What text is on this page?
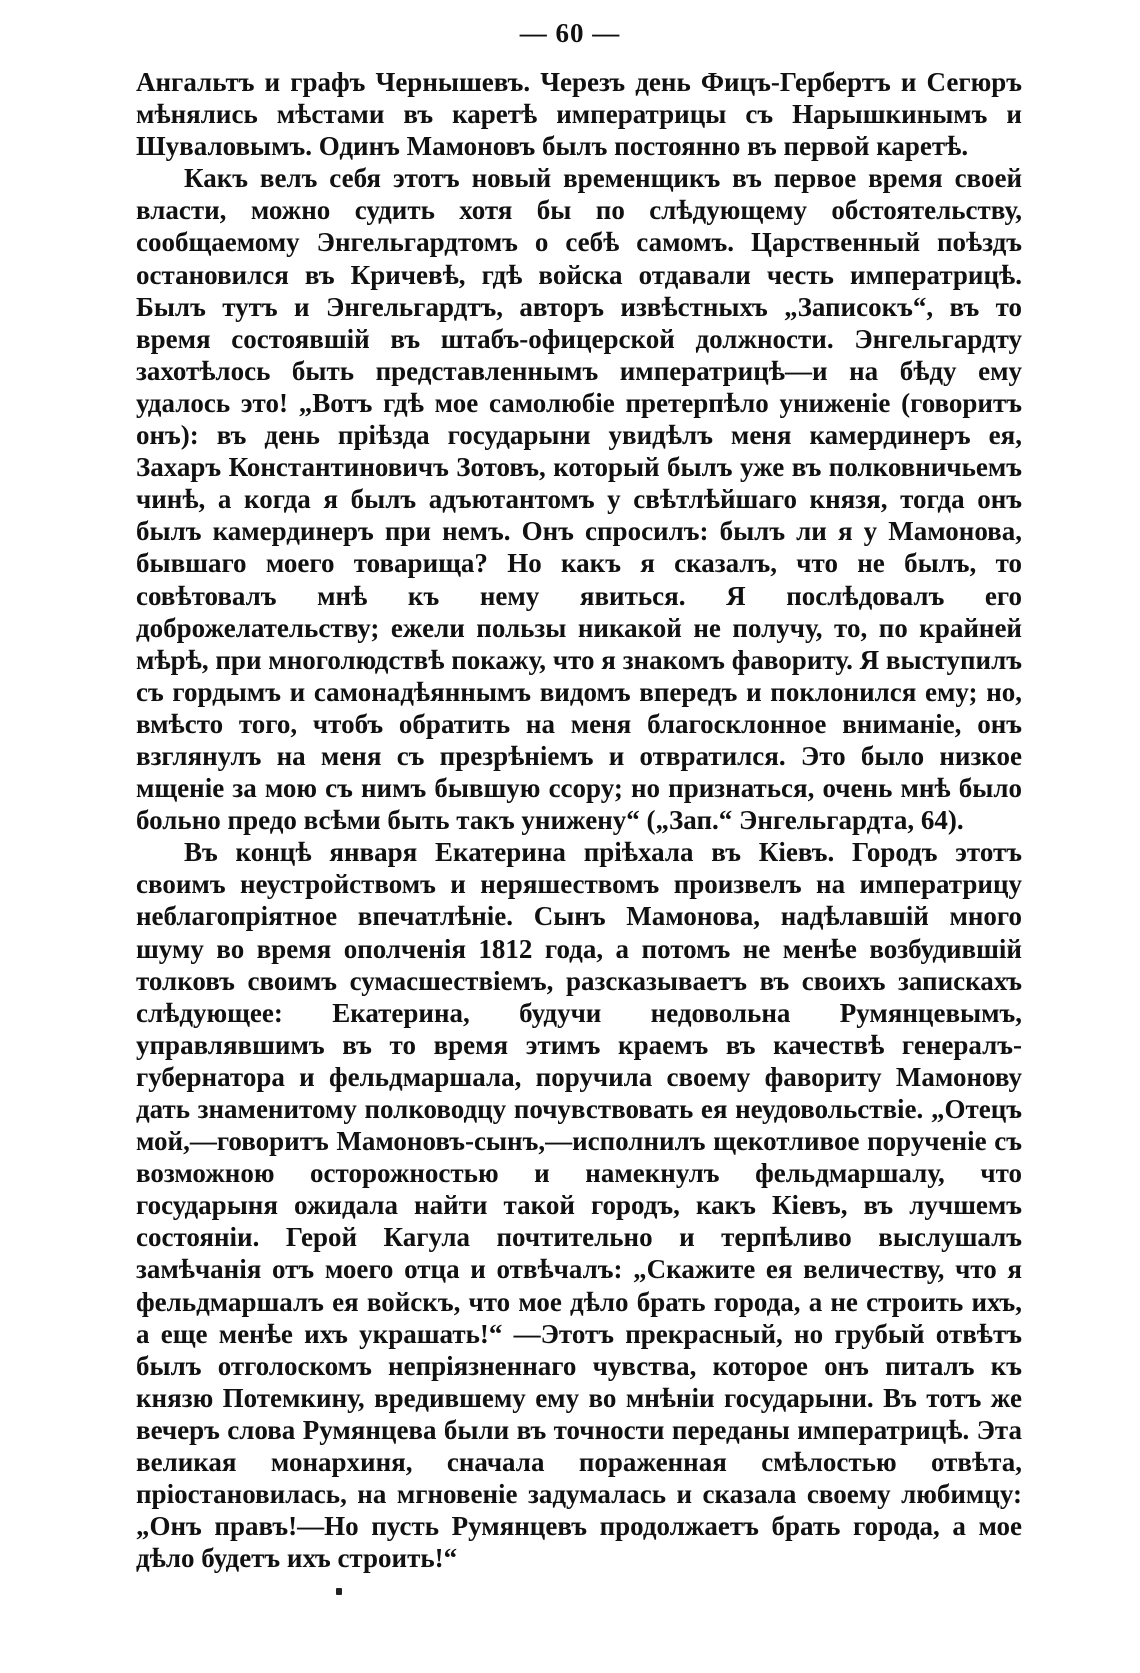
— 60 —

Ангальтъ и графъ Чернышевъ. Черезъ день Фицъ-Гербертъ и Сегюръ мѣнялись мѣстами въ каретѣ императрицы съ Нарышкинымъ и Шуваловымъ. Одинъ Мамоновъ былъ постоянно въ первой каретѣ.

Какъ велъ себя этотъ новый временщикъ въ первое время своей власти, можно судить хотя бы по слѣдующему обстоятельству, сообщаемому Энгельгардтомъ о себѣ самомъ. Царственный поѣздъ остановился въ Кричевѣ, гдѣ войска отдавали честь императрицѣ. Былъ тутъ и Энгельгардтъ, авторъ извѣстныхъ „Записокъ“, въ то время состоявшій въ штабъ-офицерской должности. Энгельгардту захотѣлось быть представленнымъ императрицѣ—и на бѣду ему удалось это! „Вотъ гдѣ мое самолюбіе претерпѣло униженіе (говоритъ онъ): въ день пріѣзда государыни увидѣлъ меня камердинеръ ея, Захаръ Константиновичъ Зотовъ, который былъ уже въ полковничьемъ чинѣ, а когда я былъ адъютантомъ у свѣтлѣйшаго князя, тогда онъ былъ камердинеръ при немъ. Онъ спросилъ: былъ ли я у Мамонова, бывшаго моего товарища? Но какъ я сказалъ, что не былъ, то совѣтовалъ мнѣ къ нему явиться. Я послѣдовалъ его доброжелательству; ежели пользы никакой не получу, то, по крайней мѣрѣ, при многолюдствѣ покажу, что я знакомъ фавориту. Я выступилъ съ гордымъ и самонадѣяннымъ видомъ впередъ и поклонился ему; но, вмѣсто того, чтобъ обратить на меня благосклонное вниманіе, онъ взглянулъ на меня съ презрѣніемъ и отвратился. Это было низкое мщеніе за мою съ нимъ бывшую ссору; но признаться, очень мнѣ было больно предо всѣми быть такъ унижену“ („Зап.“ Энгельгардта, 64).

Въ концѣ января Екатерина пріѣхала въ Кіевъ. Городъ этотъ своимъ неустройствомъ и неряшествомъ произвелъ на императрицу неблагопріятное впечатлѣніе. Сынъ Мамонова, надѣлавшій много шуму во время ополченія 1812 года, а потомъ не менѣе возбудившій толковъ своимъ сумасшествіемъ, разсказываетъ въ своихъ запискахъ слѣдующее: Екатерина, будучи недовольна Румянцевымъ, управлявшимъ въ то время этимъ краемъ въ качествѣ генералъ-губернатора и фельдмаршала, поручила своему фавориту Мамонову дать знаменитому полководцу почувствовать ея неудовольствіе. „Отецъ мой,—говоритъ Мамоновъ-сынъ,—исполнилъ щекотливое порученіе съ возможною осторожностью и намекнулъ фельдмаршалу, что государыня ожидала найти такой городъ, какъ Кіевъ, въ лучшемъ состояніи. Герой Кагула почтительно и терпѣливо выслушалъ замѣчанія отъ моего отца и отвѣчалъ: „Скажите ея величеству, что я фельдмаршалъ ея войскъ, что мое дѣло брать города, а не строить ихъ, а еще менѣе ихъ украшать!“ —Этотъ прекрасный, но грубый отвѣтъ былъ отголоскомъ непріязненнаго чувства, которое онъ питалъ къ князю Потемкину, вредившему ему во мнѣніи государыни. Въ тотъ же вечеръ слова Румянцева были въ точности переданы императрицѣ. Эта великая монархиня, сначала пораженная смѣлостью отвѣта, пріостановилась, на мгновеніе задумалась и сказала своему любимцу: „Онъ правъ!—Но пусть Румянцевъ продолжаетъ брать города, а мое дѣло будетъ ихъ строить!“
